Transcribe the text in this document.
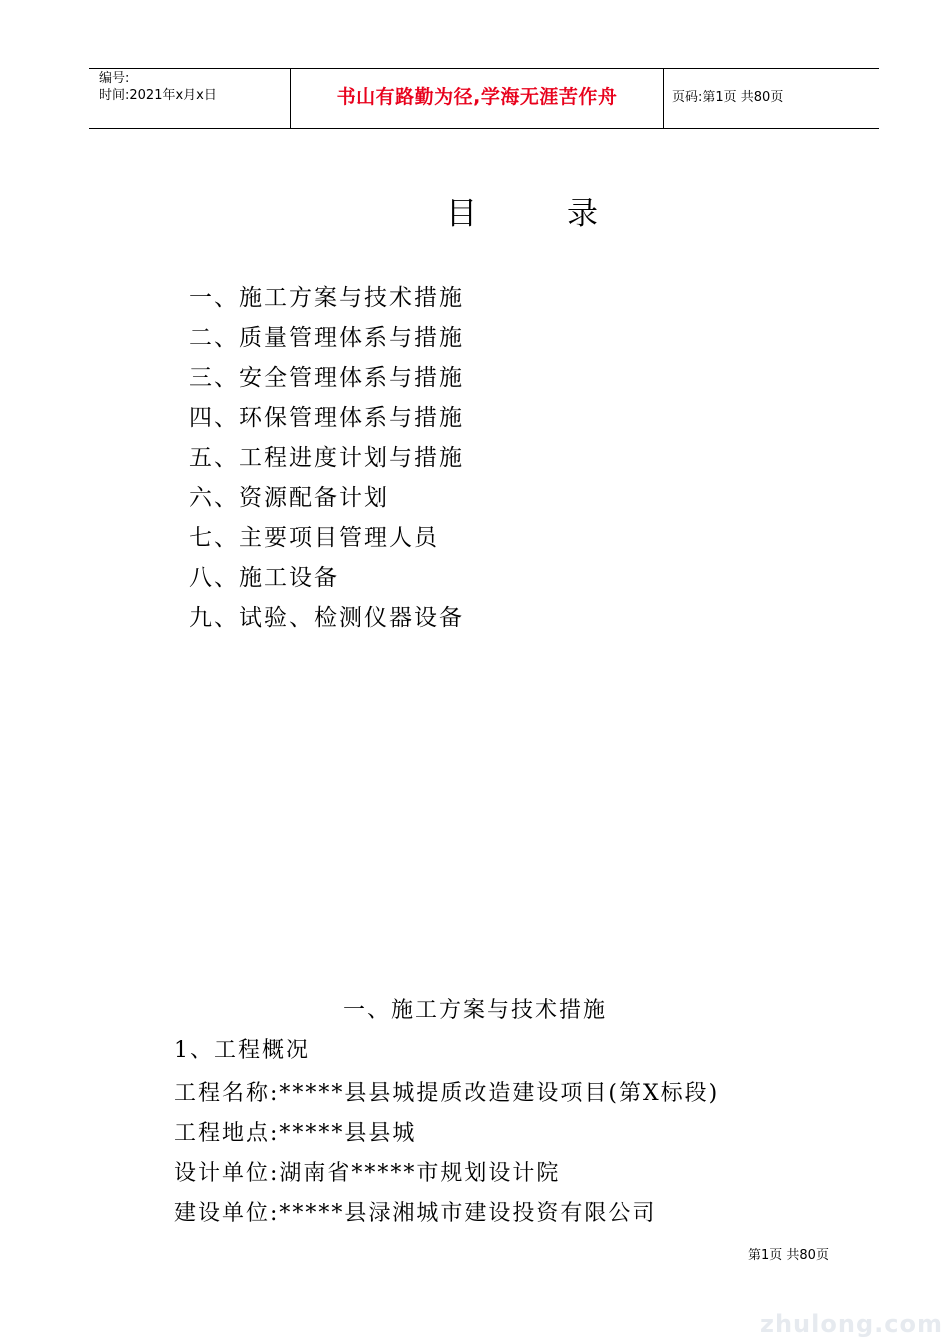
编号:
时间:2021年x月x日	书山有路勤为径,学海无涯苦作舟	页码:第1页 共80页
目录
一、施工方案与技术措施
二、质量管理体系与措施
三、安全管理体系与措施
四、环保管理体系与措施
五、工程进度计划与措施
六、资源配备计划
七、主要项目管理人员
八、施工设备
九、试验、检测仪器设备
一、施工方案与技术措施
1、工程概况
工程名称:*****县县城提质改造建设项目(第X标段)
工程地点:*****县县城
设计单位:湖南省*****市规划设计院
建设单位:*****县渌湘城市建设投资有限公司
第1页 共80页
zhulong.com
